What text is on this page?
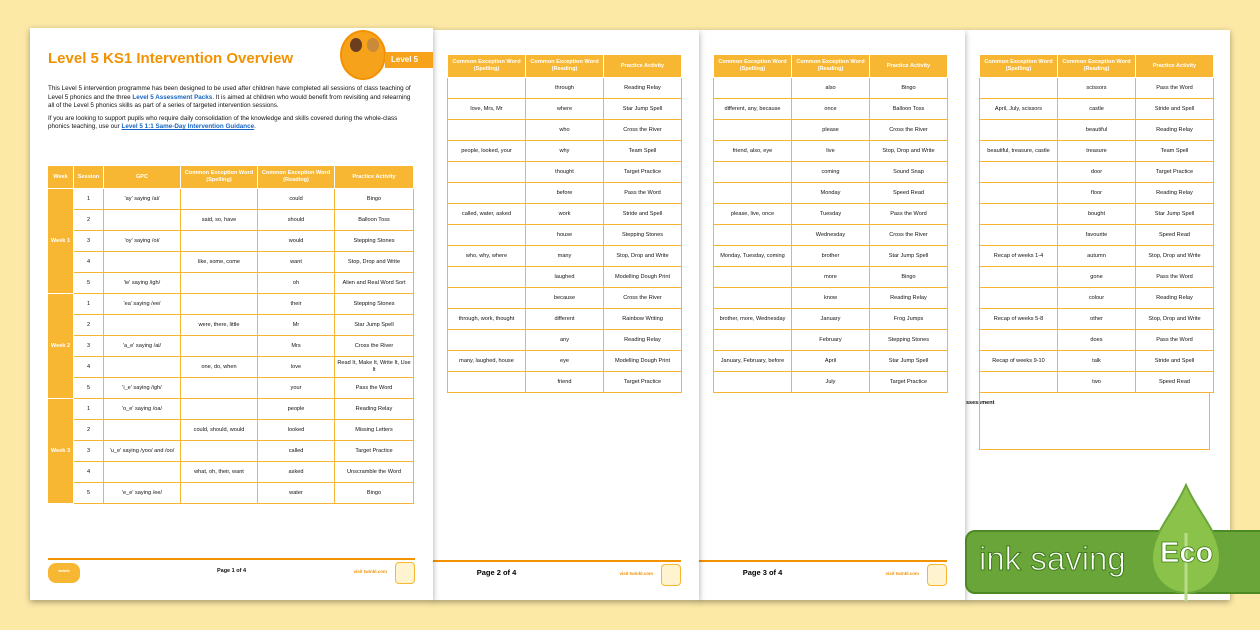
Level 5 KS1 Intervention Overview	Level 5

This Level 5 intervention programme has been designed to be used after children have completed all sessions of class teaching of Level 5 phonics and the three Level 5 Assessment Packs. It is aimed at children who would benefit from revisiting and relearning all of the Level 5 phonics skills as part of a series of targeted intervention sessions.

If you are looking to support pupils who require daily consolidation of the knowledge and skills covered during the whole-class phonics teaching, use our Level 5 1:1 Same-Day Intervention Guidance.

Week	Session	GPC	Common Exception Word (Spelling)	Common Exception Word (Reading)	Practice Activity
Week 1	1	'ay' saying /ai/		could	Bingo
	2		said, so, have	should	Balloon Toss
	3	'oy' saying /oi/		would	Stepping Stones
	4		like, some, come	want	Stop, Drop and Write
	5	'ie' saying /igh/		oh	Alien and Real Word Sort
Week 2	1	'ea' saying /ee/		their	Stepping Stones
	2		were, there, little	Mr	Star Jump Spell
	3	'a_e' saying /ai/		Mrs	Cross the River
	4		one, do, when	love	Read It, Make It, Write It, Use It
	5	'i_e' saying /igh/		your	Pass the Word
Week 3	1	'o_e' saying /oa/		people	Reading Relay
	2		could, should, would	looked	Missing Letters
	3	'u_e' saying /yoo/ and /oo/		called	Target Practice
	4		what, oh, their, want	asked	Unscramble the Word
	5	'e_e' saying /ee/		water	Bingo
twinkl	Page 1 of 4	visit twinkl.com
Common Exception Word (Spelling)	Common Exception Word (Reading)	Practice Activity
	through	Reading Relay
love, Mrs, Mr	where	Star Jump Spell
	who	Cross the River
people, looked, your	why	Team Spell
	thought	Target Practice
	before	Pass the Word
called, water, asked	work	Stride and Spell
	house	Stepping Stones
who, why, where	many	Stop, Drop and Write
	laughed	Modelling Dough Print
	because	Cross the River
through, work, thought	different	Rainbow Writing
	any	Reading Relay
many, laughed, house	eye	Modelling Dough Print
	friend	Target Practice
Page 2 of 4	visit twinkl.com
Common Exception Word (Spelling)	Common Exception Word (Reading)	Practice Activity
	also	Bingo
different, any, because	once	Balloon Toss
	please	Cross the River
friend, also, eye	live	Stop, Drop and Write
	coming	Sound Snap
	Monday	Speed Read
please, live, once	Tuesday	Pass the Word
	Wednesday	Cross the River
Monday, Tuesday, coming	brother	Star Jump Spell
	more	Bingo
	know	Reading Relay
brother, more, Wednesday	January	Frog Jumps
	February	Stepping Stones
January, February, before	April	Star Jump Spell
	July	Target Practice
Page 3 of 4	visit twinkl.com
Common Exception Word (Spelling)	Common Exception Word (Reading)	Practice Activity
	scissors	Pass the Word
April, July, scissors	castle	Stride and Spell
	beautiful	Reading Relay
beautiful, treasure, castle	treasure	Team Spell
	door	Target Practice
	floor	Reading Relay
	bought	Star Jump Spell
	favourite	Speed Read
Recap of weeks 1-4	autumn	Stop, Drop and Write
	gone	Pass the Word
	colour	Reading Relay
Recap of weeks 5-8	other	Stop, Drop and Write
	does	Pass the Word
Recap of weeks 9-10	talk	Stride and Spell
	two	Speed Read
ssessment
ink saving Eco
